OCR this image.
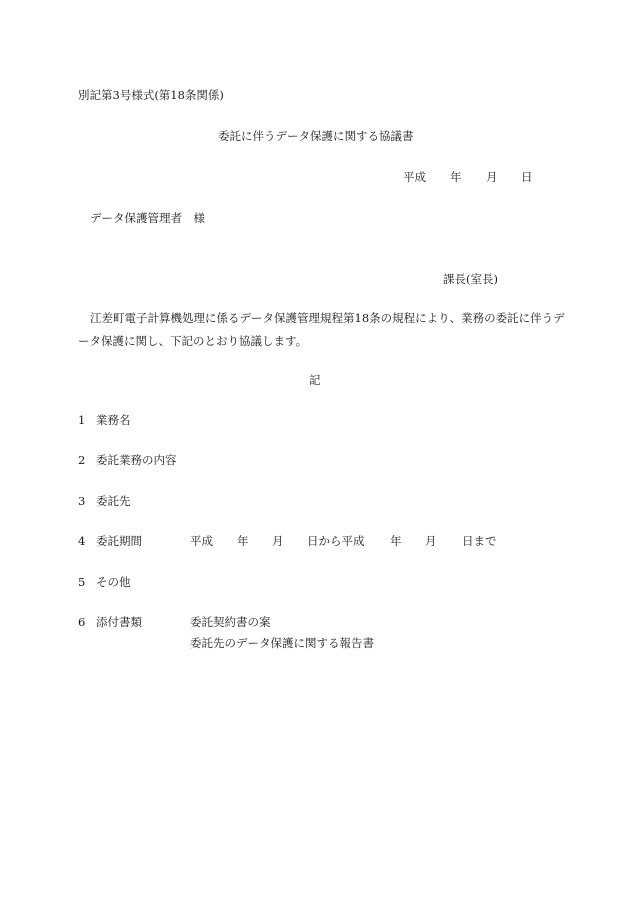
別記第3号様式(第18条関係)
委託に伴うデータ保護に関する協議書
平成 年 月 日
データ保護管理者　様
課長(室長)
江差町電子計算機処理に係るデータ保護管理規程第18条の規程により、業務の委託に伴うデータ保護に関し、下記のとおり協議します。
記
1 業務名
2 委託業務の内容
3 委託先
4 委託期間	平成 年 月 日から平成 年 月 日まで
5 その他
6 添付書類	委託契約書の案
委託先のデータ保護に関する報告書
